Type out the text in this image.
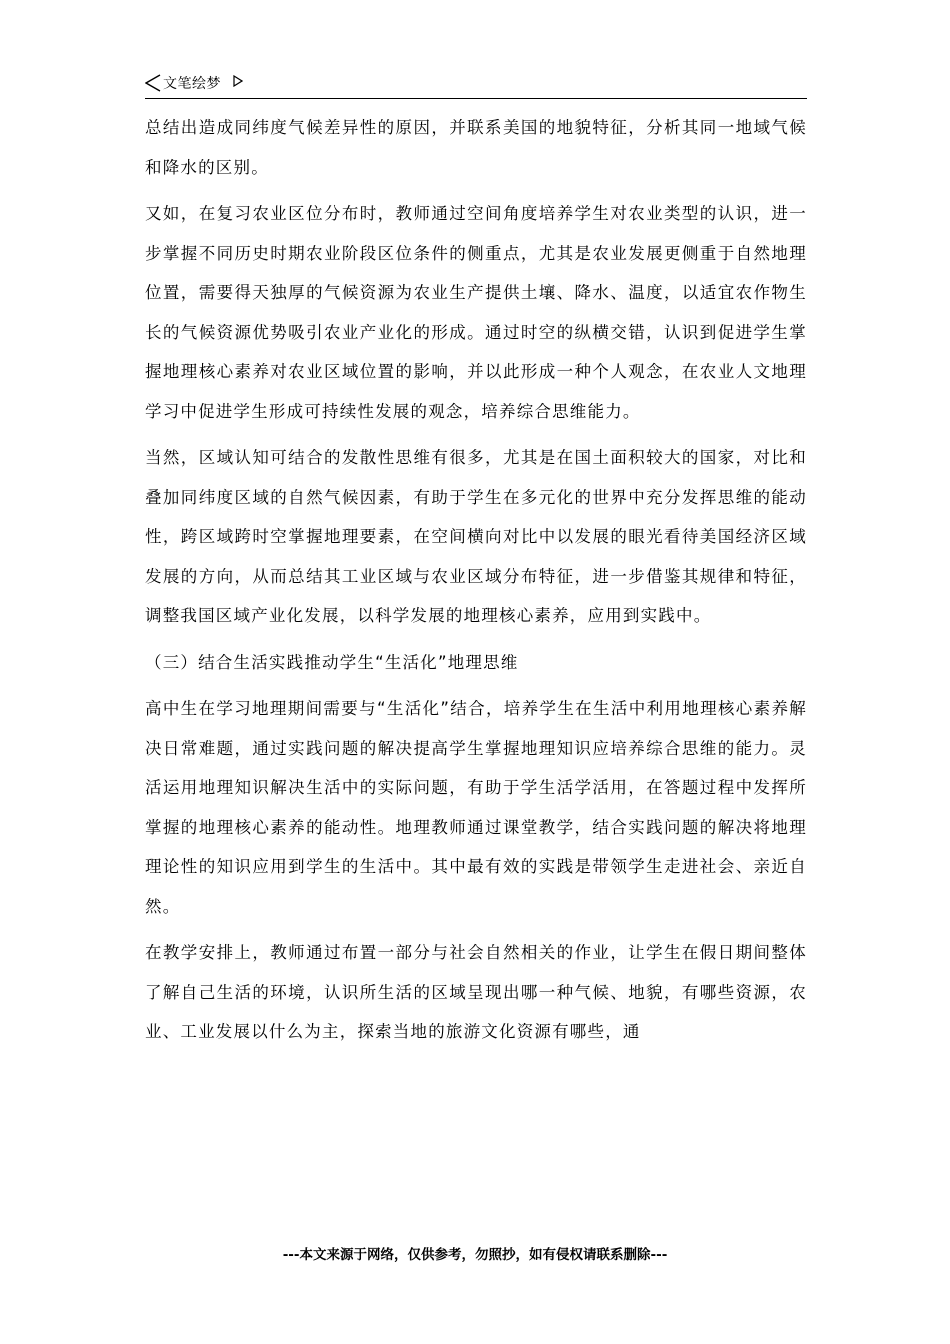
文笔绘梦

总结出造成同纬度气候差异性的原因，并联系美国的地貌特征，分析其同一地域气候和降水的区别。

又如，在复习农业区位分布时，教师通过空间角度培养学生对农业类型的认识，进一步掌握不同历史时期农业阶段区位条件的侧重点，尤其是农业发展更侧重于自然地理位置，需要得天独厚的气候资源为农业生产提供土壤、降水、温度，以适宜农作物生长的气候资源优势吸引农业产业化的形成。通过时空的纵横交错，认识到促进学生掌握地理核心素养对农业区域位置的影响，并以此形成一种个人观念，在农业人文地理学习中促进学生形成可持续性发展的观念，培养综合思维能力。

当然，区域认知可结合的发散性思维有很多，尤其是在国土面积较大的国家，对比和叠加同纬度区域的自然气候因素，有助于学生在多元化的世界中充分发挥思维的能动性，跨区域跨时空掌握地理要素，在空间横向对比中以发展的眼光看待美国经济区域发展的方向，从而总结其工业区域与农业区域分布特征，进一步借鉴其规律和特征，调整我国区域产业化发展，以科学发展的地理核心素养，应用到实践中。

（三）结合生活实践推动学生“生活化”地理思维

高中生在学习地理期间需要与“生活化”结合，培养学生在生活中利用地理核心素养解决日常难题，通过实践问题的解决提高学生掌握地理知识应培养综合思维的能力。灵活运用地理知识解决生活中的实际问题，有助于学生活学活用，在答题过程中发挥所掌握的地理核心素养的能动性。地理教师通过课堂教学，结合实践问题的解决将地理理论性的知识应用到学生的生活中。其中最有效的实践是带领学生走进社会、亲近自然。

在教学安排上，教师通过布置一部分与社会自然相关的作业，让学生在假日期间整体了解自己生活的环境，认识所生活的区域呈现出哪一种气候、地貌，有哪些资源，农业、工业发展以什么为主，探索当地的旅游文化资源有哪些，通

---本文来源于网络，仅供参考，勿照抄，如有侵权请联系删除---
